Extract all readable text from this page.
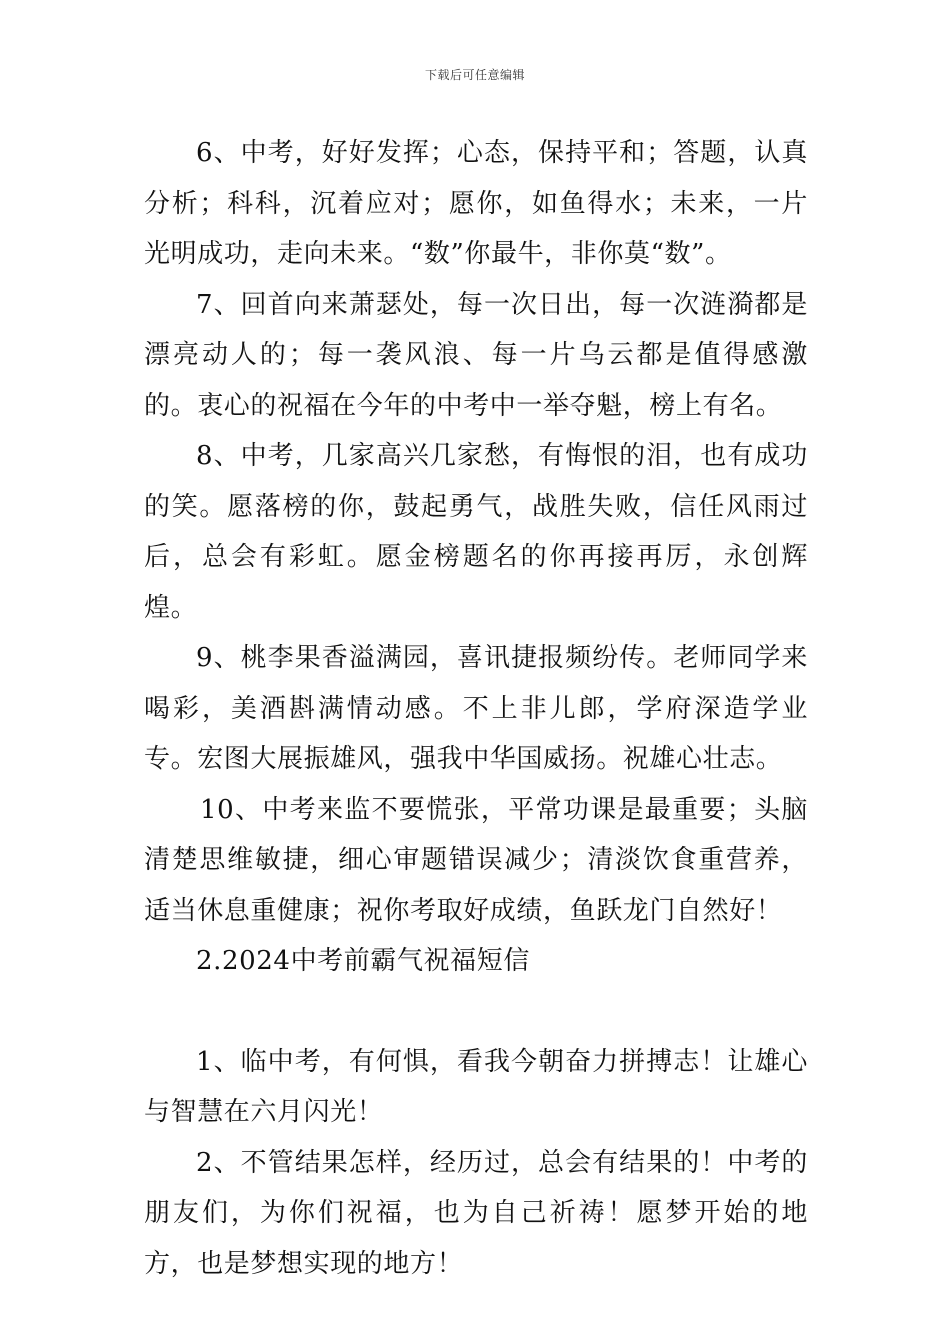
下载后可任意编辑

6、中考，好好发挥；心态，保持平和；答题，认真分析；科科，沉着应对；愿你，如鱼得水；未来，一片光明成功，走向未来。“数”你最牛，非你莫“数”。

7、回首向来萧瑟处，每一次日出，每一次涟漪都是漂亮动人的；每一袭风浪、每一片乌云都是值得感激的。衷心的祝福在今年的中考中一举夺魁，榜上有名。

8、中考，几家高兴几家愁，有悔恨的泪，也有成功的笑。愿落榜的你，鼓起勇气，战胜失败，信任风雨过后，总会有彩虹。愿金榜题名的你再接再厉，永创辉煌。

9、桃李果香溢满园，喜讯捷报频纷传。老师同学来喝彩，美酒斟满情动感。不上非儿郎，学府深造学业专。宏图大展振雄风，强我中华国威扬。祝雄心壮志。

10、中考来监不要慌张，平常功课是最重要；头脑清楚思维敏捷，细心审题错误减少；清淡饮食重营养，适当休息重健康；祝你考取好成绩，鱼跃龙门自然好！

2.2024中考前霸气祝福短信

1、临中考，有何惧，看我今朝奋力拼搏志！让雄心与智慧在六月闪光！

2、不管结果怎样，经历过，总会有结果的！中考的朋友们，为你们祝福，也为自己祈祷！愿梦开始的地方，也是梦想实现的地方！
